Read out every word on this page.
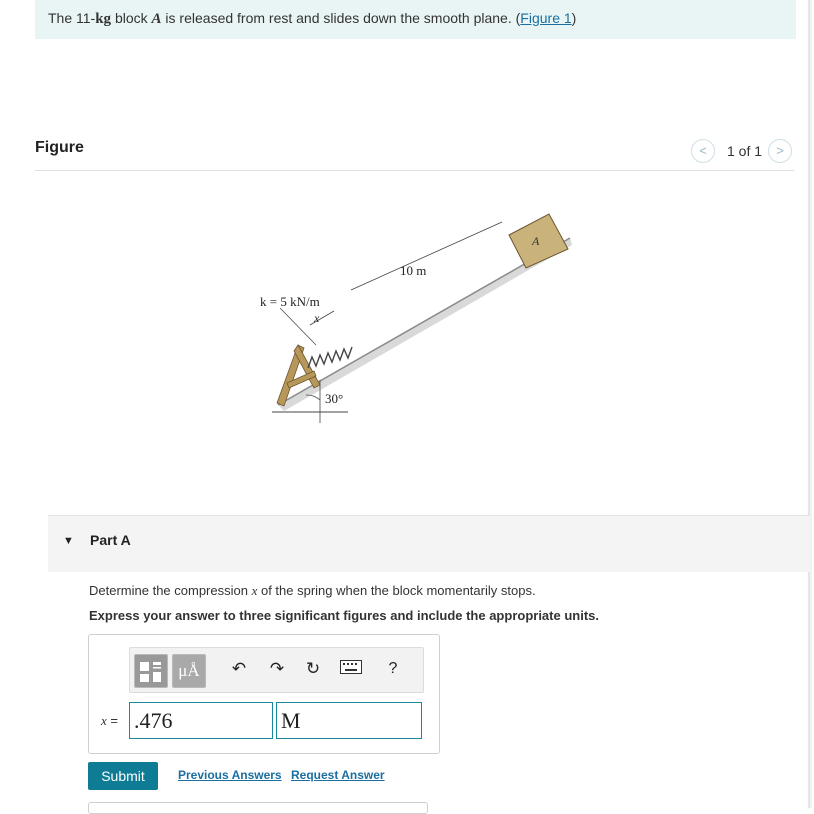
The 11-kg block A is released from rest and slides down the smooth plane. (Figure 1)
Figure	<	1 of 1	>
10 m
k = 5 kN/m
x
30°
A
▼ Part A
Determine the compression x of the spring when the block momentarily stops.
Express your answer to three significant figures and include the appropriate units.
μÅ	↶	↷	↻	?
x = .476	M
Submit	Previous Answers Request Answer
